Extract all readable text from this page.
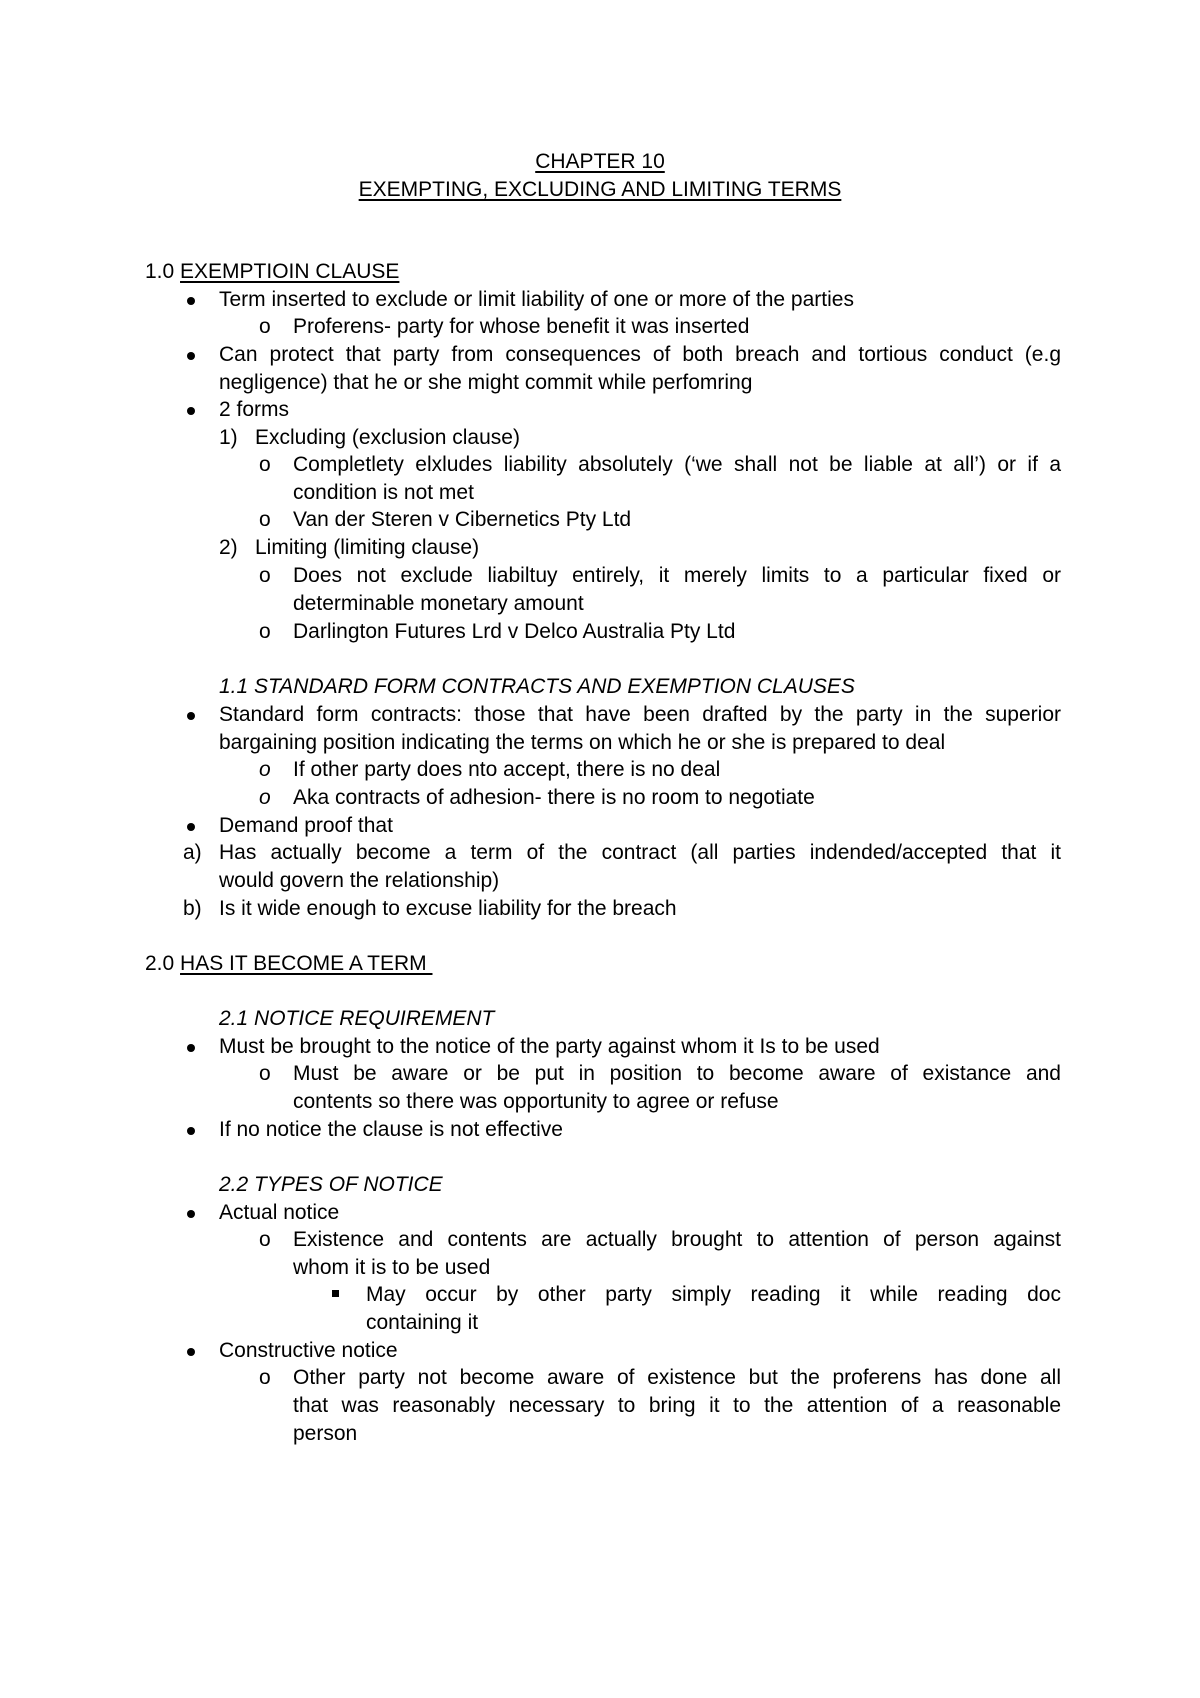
CHAPTER 10
EXEMPTING, EXCLUDING AND LIMITING TERMS
1.0 EXEMPTIOIN CLAUSE
Term inserted to exclude or limit liability of one or more of the parties
o Proferens- party for whose benefit it was inserted
Can protect that party from consequences of both breach and tortious conduct (e.g
negligence) that he or she might commit while perfomring
2 forms
1) Excluding (exclusion clause)
o Completlety elxludes liability absolutely (‘we shall not be liable at all’) or if a
condition is not met
o Van der Steren v Cibernetics Pty Ltd
2) Limiting (limiting clause)
o Does not exclude liabiltuy entirely, it merely limits to a particular fixed or
determinable monetary amount
o Darlington Futures Lrd v Delco Australia Pty Ltd
1.1 STANDARD FORM CONTRACTS AND EXEMPTION CLAUSES
Standard form contracts: those that have been drafted by the party in the superior
bargaining position indicating the terms on which he or she is prepared to deal
o If other party does nto accept, there is no deal
o Aka contracts of adhesion- there is no room to negotiate
Demand proof that
a) Has actually become a term of the contract (all parties indended/accepted that it
would govern the relationship)
b) Is it wide enough to excuse liability for the breach
2.0 HAS IT BECOME A TERM
2.1 NOTICE REQUIREMENT
Must be brought to the notice of the party against whom it Is to be used
o Must be aware or be put in position to become aware of existance and
contents so there was opportunity to agree or refuse
If no notice the clause is not effective
2.2 TYPES OF NOTICE
Actual notice
o Existence and contents are actually brought to attention of person against
whom it is to be used
May occur by other party simply reading it while reading doc
containing it
Constructive notice
o Other party not become aware of existence but the proferens has done all
that was reasonably necessary to bring it to the attention of a reasonable
person
